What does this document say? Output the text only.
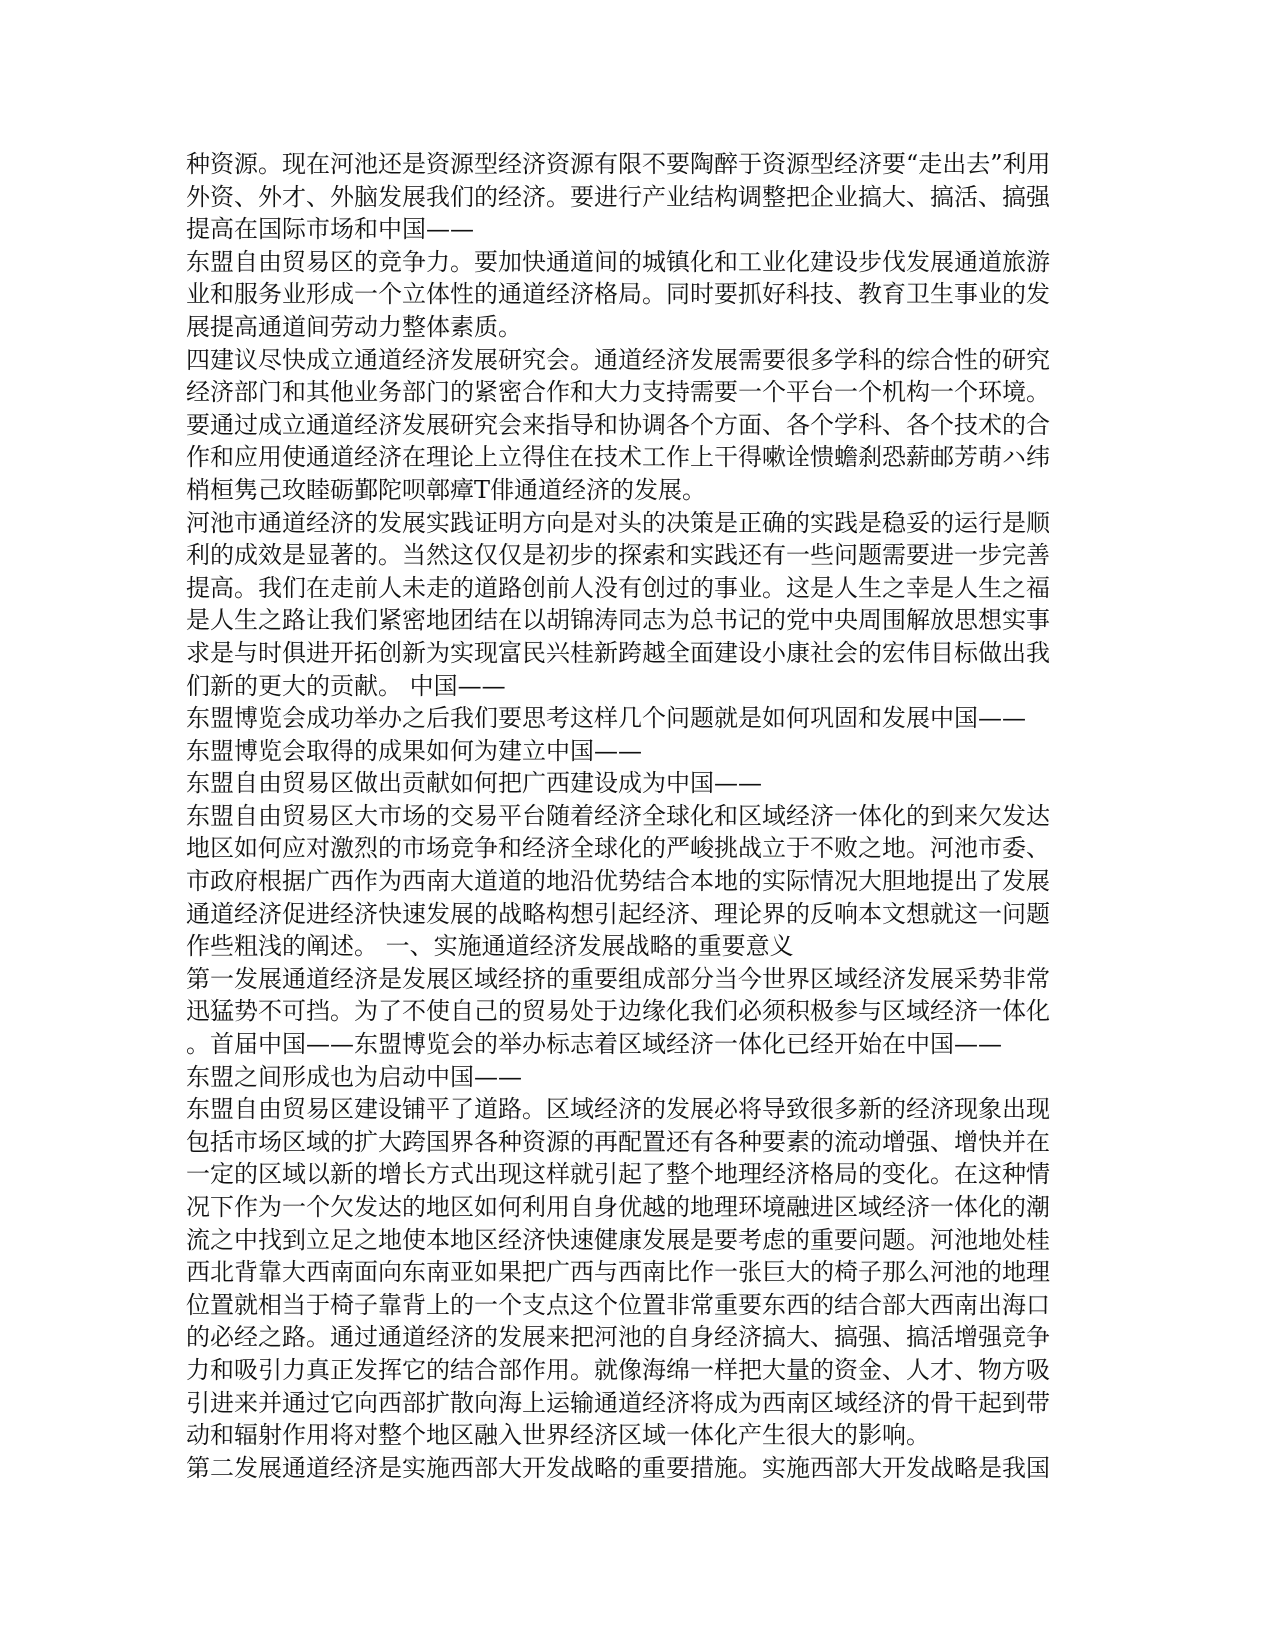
种资源。现在河池还是资源型经济资源有限不要陶醉于资源型经济要“走出去”利用
外资、外才、外脑发展我们的经济。要进行产业结构调整把企业搞大、搞活、搞强
提高在国际市场和中国——
东盟自由贸易区的竞争力。要加快通道间的城镇化和工业化建设步伐发展通道旅游
业和服务业形成一个立体性的通道经济格局。同时要抓好科技、教育卫生事业的发
展提高通道间劳动力整体素质。
四建议尽快成立通道经济发展研究会。通道经济发展需要很多学科的综合性的研究
经济部门和其他业务部门的紧密合作和大力支持需要一个平台一个机构一个环境。
要通过成立通道经济发展研究会来指导和协调各个方面、各个学科、各个技术的合
作和应用使通道经济在理论上立得住在技术工作上干得嗽诠愦蟾刹恐薪邮芳萌ハ纬
梢桓隽己玫睦砺鄞陀呗鄣瘴T俳通道经济的发展。
河池市通道经济的发展实践证明方向是对头的决策是正确的实践是稳妥的运行是顺
利的成效是显著的。当然这仅仅是初步的探索和实践还有一些问题需要进一步完善
提高。我们在走前人未走的道路创前人没有创过的事业。这是人生之幸是人生之福
是人生之路让我们紧密地团结在以胡锦涛同志为总书记的党中央周围解放思想实事
求是与时俱进开拓创新为实现富民兴桂新跨越全面建设小康社会的宏伟目标做出我
们新的更大的贡献。 中国——
东盟博览会成功举办之后我们要思考这样几个问题就是如何巩固和发展中国——
东盟博览会取得的成果如何为建立中国——
东盟自由贸易区做出贡献如何把广西建设成为中国——
东盟自由贸易区大市场的交易平台随着经济全球化和区域经济一体化的到来欠发达
地区如何应对激烈的市场竞争和经济全球化的严峻挑战立于不败之地。河池市委、
市政府根据广西作为西南大道道的地沿优势结合本地的实际情况大胆地提出了发展
通道经济促进经济快速发展的战略构想引起经济、理论界的反响本文想就这一问题
作些粗浅的阐述。 一、实施通道经济发展战略的重要意义
第一发展通道经济是发展区域经挤的重要组成部分当今世界区域经济发展采势非常
迅猛势不可挡。为了不使自己的贸易处于边缘化我们必须积极参与区域经济一体化
。首届中国——东盟博览会的举办标志着区域经济一体化已经开始在中国——
东盟之间形成也为启动中国——
东盟自由贸易区建设铺平了道路。区域经济的发展必将导致很多新的经济现象出现
包括市场区域的扩大跨国界各种资源的再配置还有各种要素的流动增强、增快并在
一定的区域以新的增长方式出现这样就引起了整个地理经济格局的变化。在这种情
况下作为一个欠发达的地区如何利用自身优越的地理环境融进区域经济一体化的潮
流之中找到立足之地使本地区经济快速健康发展是要考虑的重要问题。河池地处桂
西北背靠大西南面向东南亚如果把广西与西南比作一张巨大的椅子那么河池的地理
位置就相当于椅子靠背上的一个支点这个位置非常重要东西的结合部大西南出海口
的必经之路。通过通道经济的发展来把河池的自身经济搞大、搞强、搞活增强竞争
力和吸引力真正发挥它的结合部作用。就像海绵一样把大量的资金、人才、物方吸
引进来并通过它向西部扩散向海上运输通道经济将成为西南区域经济的骨干起到带
动和辐射作用将对整个地区融入世界经济区域一体化产生很大的影响。
第二发展通道经济是实施西部大开发战略的重要措施。实施西部大开发战略是我国
